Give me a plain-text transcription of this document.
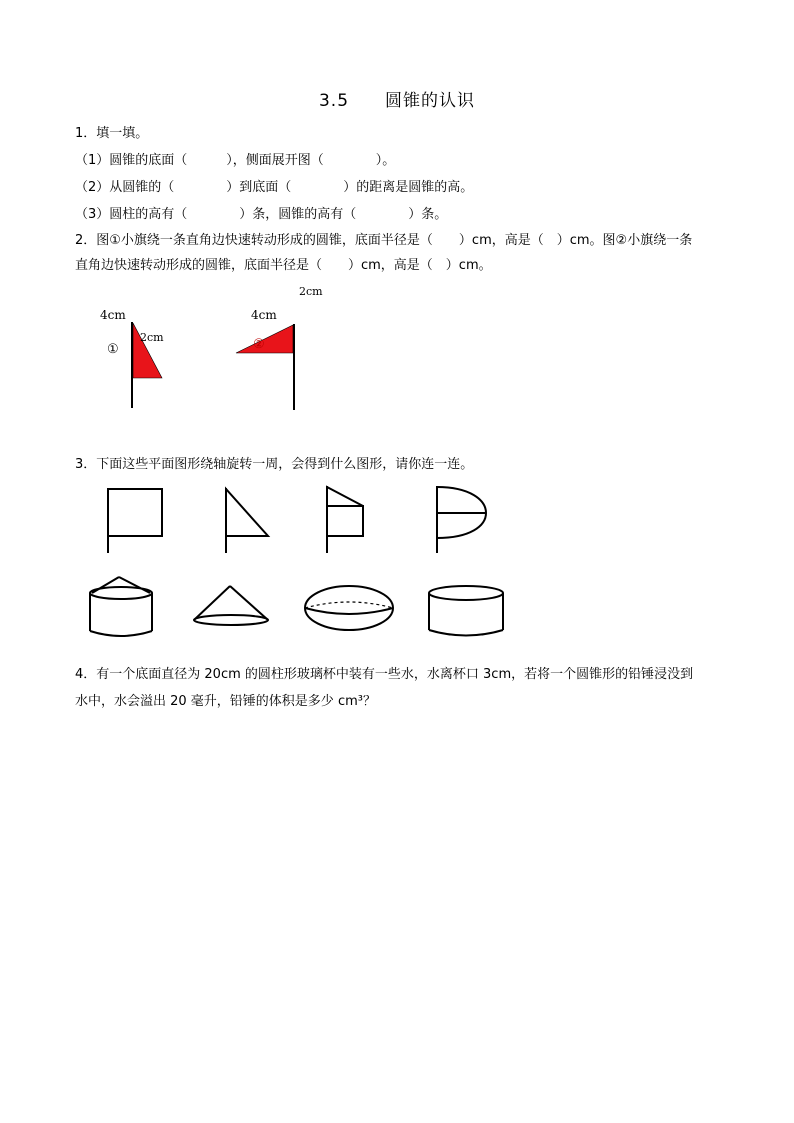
3.5　　圆锥的认识
1．填一填。
（1）圆锥的底面（　　　），侧面展开图（　　　　）。
（2）从圆锥的（　　　　）到底面（　　　　）的距离是圆锥的高。
（3）圆柱的高有（　　　　）条，圆锥的高有（　　　　）条。
2．图①小旗绕一条直角边快速转动形成的圆锥，底面半径是（　　）cm，高是（　）cm。图②小旗绕一条
直角边快速转动形成的圆锥，底面半径是（　　）cm，高是（　）cm。
4cm
2cm
①
2cm
4cm
②
3．下面这些平面图形绕轴旋转一周，会得到什么图形，请你连一连。
4．有一个底面直径为 20cm 的圆柱形玻璃杯中装有一些水，水离杯口 3cm，若将一个圆锥形的铅锤浸没到
水中，水会溢出 20 毫升，铅锤的体积是多少 cm³？
